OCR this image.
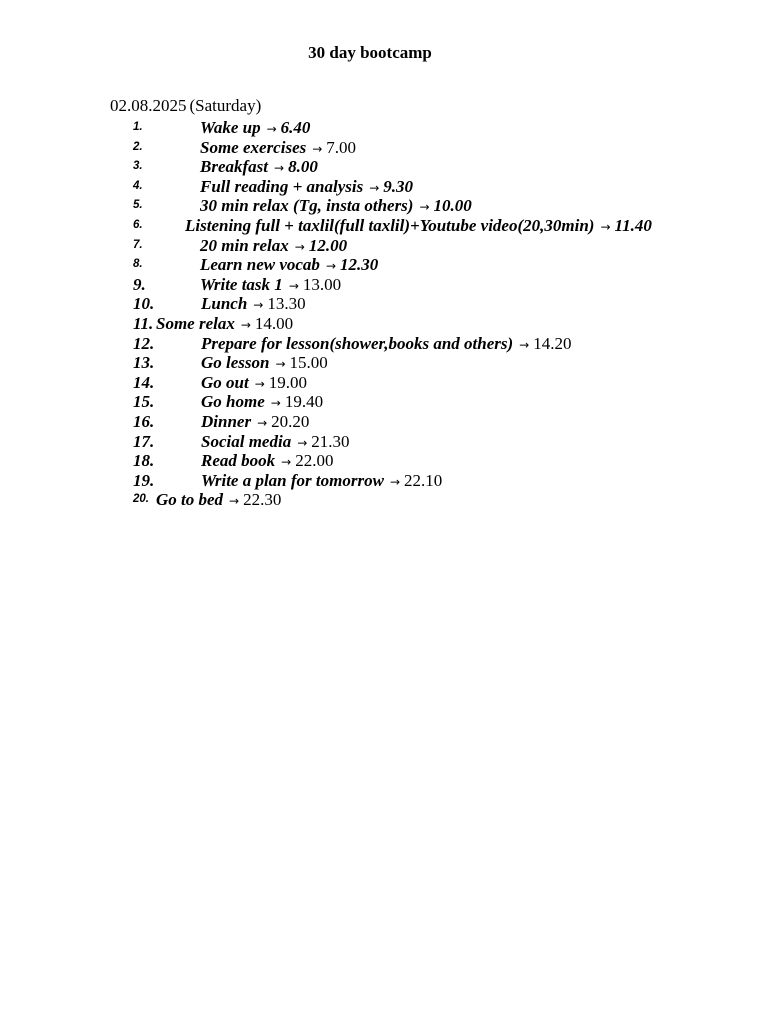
30 day bootcamp
02.08.2025 (Saturday)
1.	Wake up → 6.40
2.	Some exercises → 7.00
3.	Breakfast → 8.00
4.	Full reading + analysis → 9.30
5.	30 min relax (Tg, insta others) → 10.00
6. Listening full + taxlil(full taxlil)+Youtube video(20,30min) → 11.40
7.	20 min relax → 12.00
8.	Learn new vocab → 12.30
9.	Write task 1 → 13.00
10.	Lunch → 13.30
11. Some relax → 14.00
12.	Prepare for lesson(shower,books and others) → 14.20
13.	Go lesson → 15.00
14.	Go out → 19.00
15.	Go home → 19.40
16.	Dinner → 20.20
17.	Social media → 21.30
18.	Read book → 22.00
19.	Write a plan for tomorrow → 22.10
20. Go to bed → 22.30
